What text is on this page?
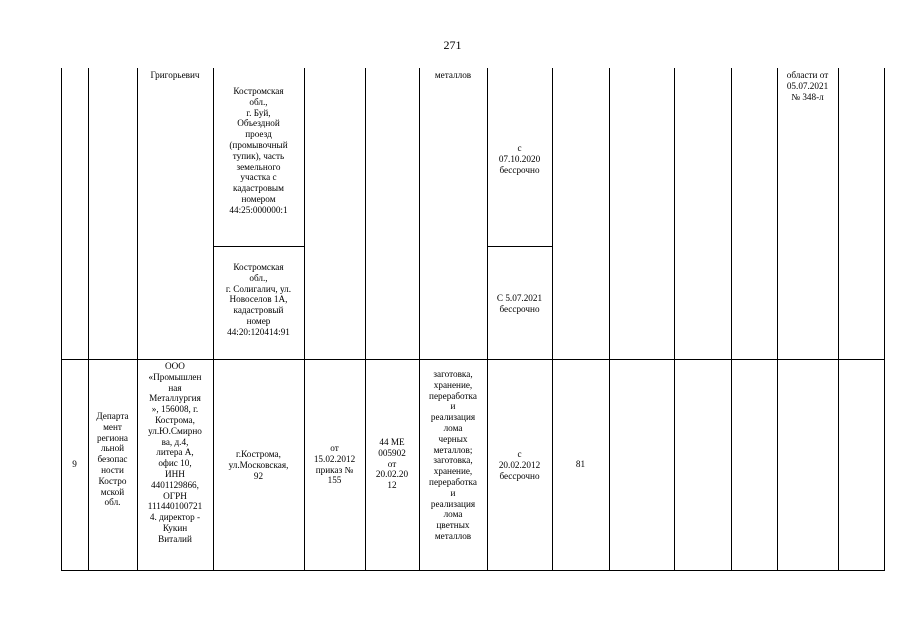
271
Григорьевич
Костромская
обл.,
г. Буй,
Объездной
проезд
(промывочный
тупик), часть
земельного
участка с
кадастровым
номером
44:25:000000:1
Костромская
обл.,
г. Солигалич, ул.
Новоселов 1А,
кадастровый
номер
44:20:120414:91
металлов
с
07.10.2020
бессрочно
С 5.07.2021
бессрочно
области от
05.07.2021
№ 348-л
9
Департа
мент
региона
льной
безопас
ности
Костро
мской
обл.
ООО
«Промышлен
ная
Металлургия
», 156008, г.
Кострома,
ул.Ю.Смирно
ва, д.4,
литера А,
офис 10,
ИНН
4401129866,
ОГРН
111440100721
4. директор -
Кукин
Виталий
г.Кострома,
ул.Московская,
92
от
15.02.2012
приказ №
155
44 МЕ
005902
от
20.02.20
12
заготовка,
хранение,
переработка
и
реализация
лома
черных
металлов;
заготовка,
хранение,
переработка
и
реализация
лома
цветных
металлов
с
20.02.2012
бессрочно
81
